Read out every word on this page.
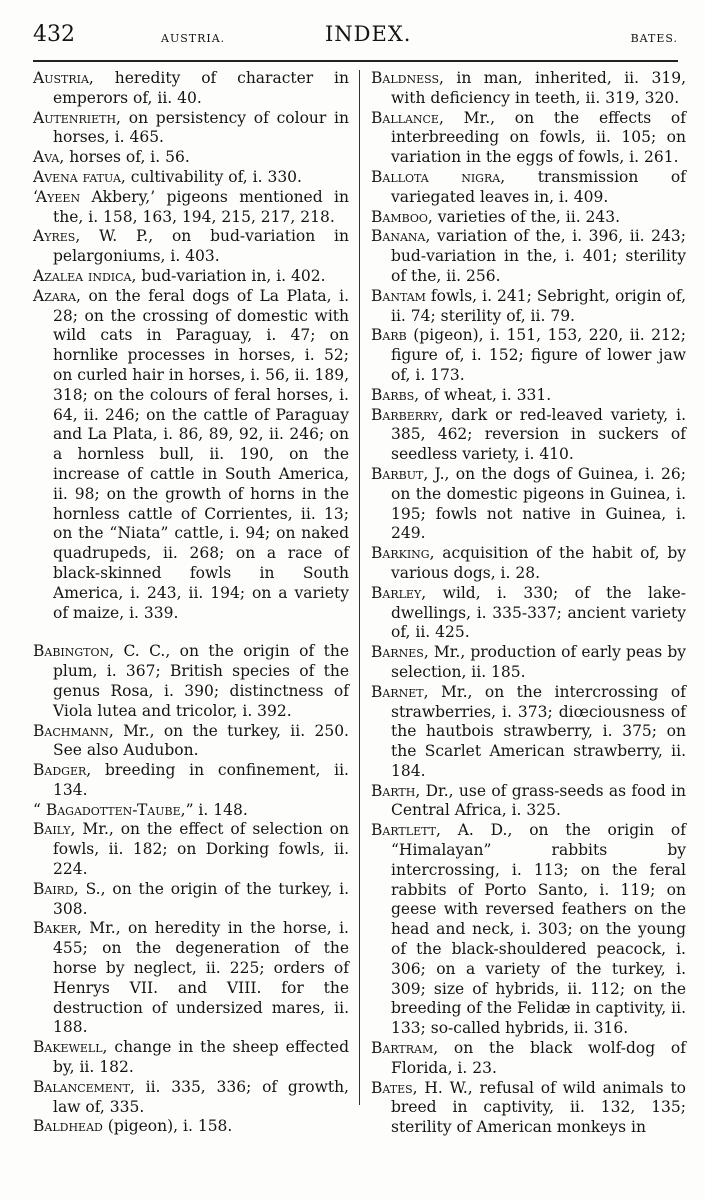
432	AUSTRIA.	INDEX.	BATES.

Austria, heredity of character in emperors of, ii. 40.

Autenrieth, on persistency of colour in horses, i. 465.

Ava, horses of, i. 56.

Avena fatua, cultivability of, i. 330.

‘Ayeen Akbery,’ pigeons mentioned in the, i. 158, 163, 194, 215, 217, 218.

Ayres, W. P., on bud-variation in pelargoniums, i. 403.

Azalea indica, bud-variation in, i. 402.

Azara, on the feral dogs of La Plata, i. 28; on the crossing of domestic with wild cats in Paraguay, i. 47; on hornlike processes in horses, i. 52; on curled hair in horses, i. 56, ii. 189, 318; on the colours of feral horses, i. 64, ii. 246; on the cattle of Paraguay and La Plata, i. 86, 89, 92, ii. 246; on a hornless bull, ii. 190, on the increase of cattle in South America, ii. 98; on the growth of horns in the hornless cattle of Corrientes, ii. 13; on the “Niata” cattle, i. 94; on naked quadrupeds, ii. 268; on a race of black-skinned fowls in South America, i. 243, ii. 194; on a variety of maize, i. 339.

Babington, C. C., on the origin of the plum, i. 367; British species of the genus Rosa, i. 390; distinctness of Viola lutea and tricolor, i. 392.

Bachmann, Mr., on the turkey, ii. 250. See also Audubon.

Badger, breeding in confinement, ii. 134.

“ Bagadotten-Taube,” i. 148.

Baily, Mr., on the effect of selection on fowls, ii. 182; on Dorking fowls, ii. 224.

Baird, S., on the origin of the turkey, i. 308.

Baker, Mr., on heredity in the horse, i. 455; on the degeneration of the horse by neglect, ii. 225; orders of Henrys VII. and VIII. for the destruction of undersized mares, ii. 188.

Bakewell, change in the sheep effected by, ii. 182.

Balancement, ii. 335, 336; of growth, law of, 335.

Baldhead (pigeon), i. 158.

Baldness, in man, inherited, ii. 319, with deficiency in teeth, ii. 319, 320.

Ballance, Mr., on the effects of interbreeding on fowls, ii. 105; on variation in the eggs of fowls, i. 261.

Ballota nigra, transmission of variegated leaves in, i. 409.

Bamboo, varieties of the, ii. 243.

Banana, variation of the, i. 396, ii. 243; bud-variation in the, i. 401; sterility of the, ii. 256.

Bantam fowls, i. 241; Sebright, origin of, ii. 74; sterility of, ii. 79.

Barb (pigeon), i. 151, 153, 220, ii. 212; figure of, i. 152; figure of lower jaw of, i. 173.

Barbs, of wheat, i. 331.

Barberry, dark or red-leaved variety, i. 385, 462; reversion in suckers of seedless variety, i. 410.

Barbut, J., on the dogs of Guinea, i. 26; on the domestic pigeons in Guinea, i. 195; fowls not native in Guinea, i. 249.

Barking, acquisition of the habit of, by various dogs, i. 28.

Barley, wild, i. 330; of the lake-dwellings, i. 335-337; ancient variety of, ii. 425.

Barnes, Mr., production of early peas by selection, ii. 185.

Barnet, Mr., on the intercrossing of strawberries, i. 373; diœciousness of the hautbois strawberry, i. 375; on the Scarlet American strawberry, ii. 184.

Barth, Dr., use of grass-seeds as food in Central Africa, i. 325.

Bartlett, A. D., on the origin of “Himalayan” rabbits by intercrossing, i. 113; on the feral rabbits of Porto Santo, i. 119; on geese with reversed feathers on the head and neck, i. 303; on the young of the black-shouldered peacock, i. 306; on a variety of the turkey, i. 309; size of hybrids, ii. 112; on the breeding of the Felidæ in captivity, ii. 133; so-called hybrids, ii. 316.

Bartram, on the black wolf-dog of Florida, i. 23.

Bates, H. W., refusal of wild animals to breed in captivity, ii. 132, 135; sterility of American monkeys in
